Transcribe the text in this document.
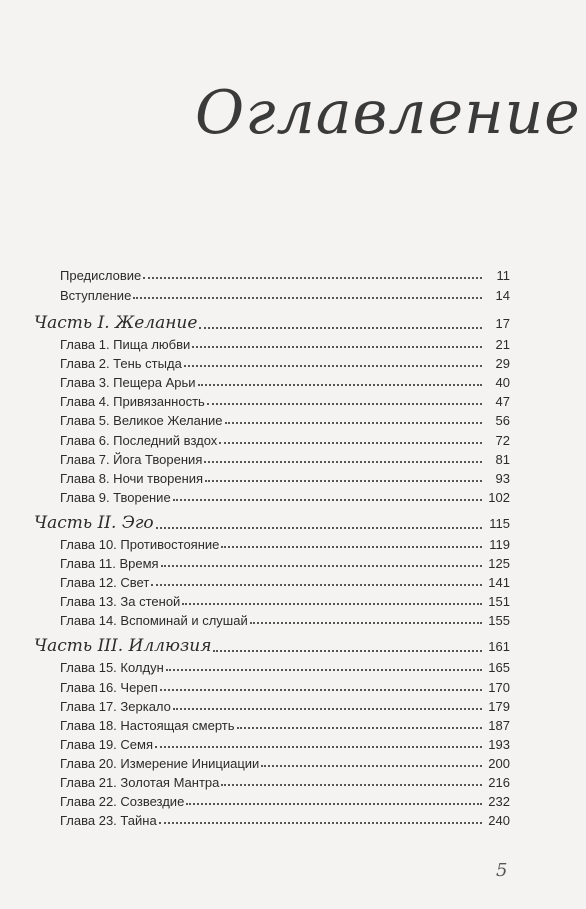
Оглавление
Предисловие	11
Вступление	14
Часть I. Желание	17
Глава 1. Пища любви	21
Глава 2. Тень стыда	29
Глава 3. Пещера Арьи	40
Глава 4. Привязанность	47
Глава 5. Великое Желание	56
Глава 6. Последний вздох	72
Глава 7. Йога Творения	81
Глава 8. Ночи творения	93
Глава 9. Творение	102
Часть II. Эго	115
Глава 10. Противостояние	119
Глава 11. Время	125
Глава 12. Свет	141
Глава 13. За стеной	151
Глава 14. Вспоминай и слушай	155
Часть III. Иллюзия	161
Глава 15. Колдун	165
Глава 16. Череп	170
Глава 17. Зеркало	179
Глава 18. Настоящая смерть	187
Глава 19. Семя	193
Глава 20. Измерение Инициации	200
Глава 21. Золотая Мантра	216
Глава 22. Созвездие	232
Глава 23. Тайна	240
5
